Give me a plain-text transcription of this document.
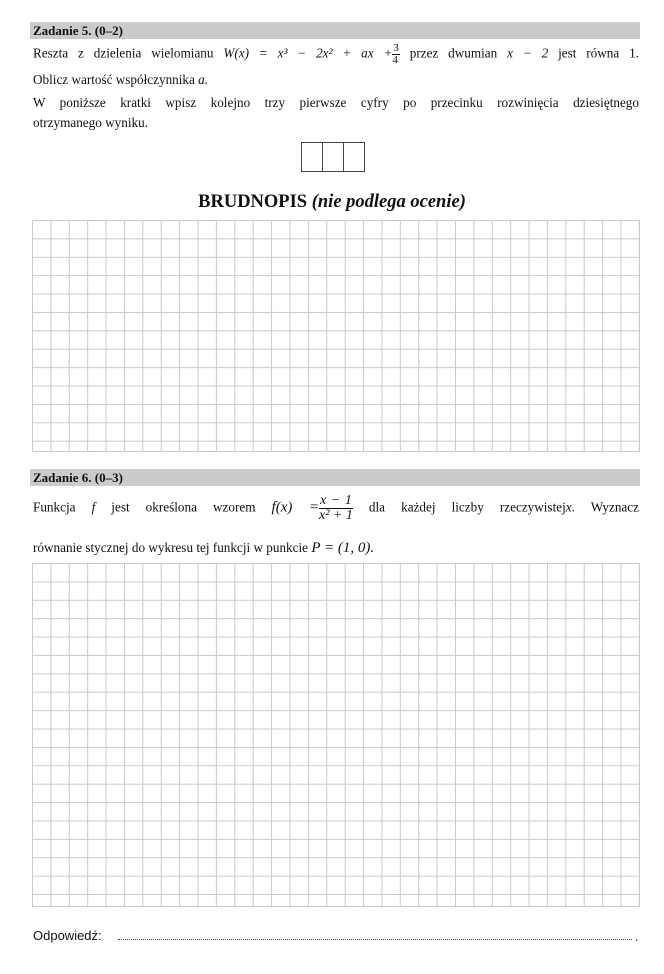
Zadanie 5. (0–2)
Reszta z dzielenia wielomianu W(x) = x³ − 2x² + ax + $\frac{3}{4}$ przez dwumian x − 2 jest równa 1.
Oblicz wartość współczynnika a.
W poniższe kratki wpisz kolejno trzy pierwsze cyfry po przecinku rozwinięcia dziesiętnego
otrzymanego wyniku.
BRUDNOPIS (nie podlega ocenie)
Zadanie 6. (0–3)
Funkcja f jest określona wzorem $f(x) = \frac{x - 1}{\text{x² + 1}}$ dla każdej liczby rzeczywistejx. Wyznacz
równanie stycznej do wykresu tej funkcji w punkcie P = (1, 0).
Odpowiedź:	.
